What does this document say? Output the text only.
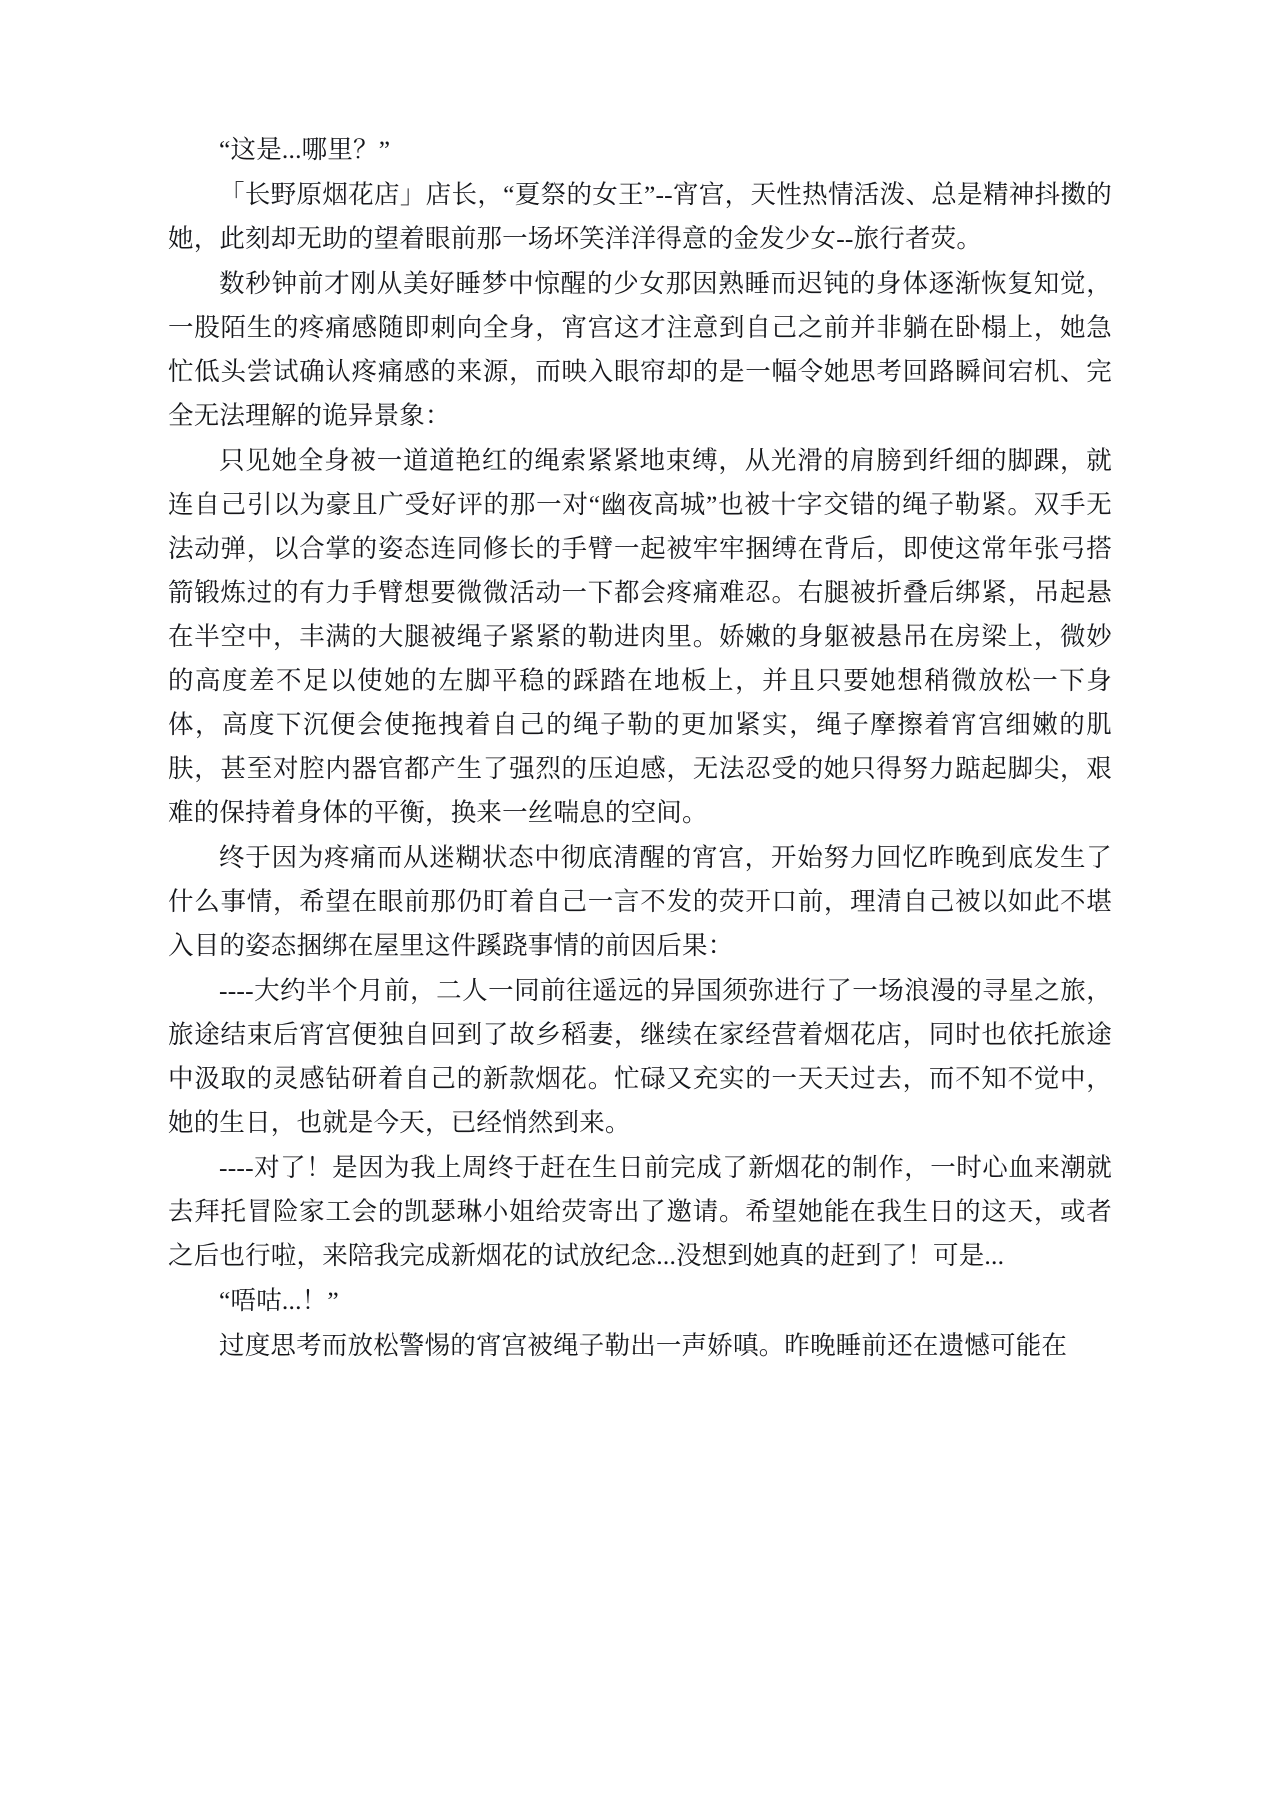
“这是...哪里？”

「长野原烟花店」店长，“夏祭的女王”--宵宫，天性热情活泼、总是精神抖擞的她，此刻却无助的望着眼前那一场坏笑洋洋得意的金发少女--旅行者荧。

数秒钟前才刚从美好睡梦中惊醒的少女那因熟睡而迟钝的身体逐渐恢复知觉，一股陌生的疼痛感随即刺向全身，宵宫这才注意到自己之前并非躺在卧榻上，她急忙低头尝试确认疼痛感的来源，而映入眼帘却的是一幅令她思考回路瞬间宕机、完全无法理解的诡异景象：

只见她全身被一道道艳红的绳索紧紧地束缚，从光滑的肩膀到纤细的脚踝，就连自己引以为豪且广受好评的那一对“幽夜高城”也被十字交错的绳子勒紧。双手无法动弹，以合掌的姿态连同修长的手臂一起被牢牢捆缚在背后，即使这常年张弓搭箭锻炼过的有力手臂想要微微活动一下都会疼痛难忍。右腿被折叠后绑紧，吊起悬在半空中，丰满的大腿被绳子紧紧的勒进肉里。娇嫩的身躯被悬吊在房梁上，微妙的高度差不足以使她的左脚平稳的踩踏在地板上，并且只要她想稍微放松一下身体，高度下沉便会使拖拽着自己的绳子勒的更加紧实，绳子摩擦着宵宫细嫩的肌肤，甚至对腔内器官都产生了强烈的压迫感，无法忍受的她只得努力踮起脚尖，艰难的保持着身体的平衡，换来一丝喘息的空间。

终于因为疼痛而从迷糊状态中彻底清醒的宵宫，开始努力回忆昨晚到底发生了什么事情，希望在眼前那仍盯着自己一言不发的荧开口前，理清自己被以如此不堪入目的姿态捆绑在屋里这件蹊跷事情的前因后果：

----大约半个月前，二人一同前往遥远的异国须弥进行了一场浪漫的寻星之旅，旅途结束后宵宫便独自回到了故乡稻妻，继续在家经营着烟花店，同时也依托旅途中汲取的灵感钻研着自己的新款烟花。忙碌又充实的一天天过去，而不知不觉中，她的生日，也就是今天，已经悄然到来。

----对了！是因为我上周终于赶在生日前完成了新烟花的制作，一时心血来潮就去拜托冒险家工会的凯瑟琳小姐给荧寄出了邀请。希望她能在我生日的这天，或者之后也行啦，来陪我完成新烟花的试放纪念...没想到她真的赶到了！可是...

“唔咕...！”

过度思考而放松警惕的宵宫被绳子勒出一声娇嗔。昨晚睡前还在遗憾可能在
